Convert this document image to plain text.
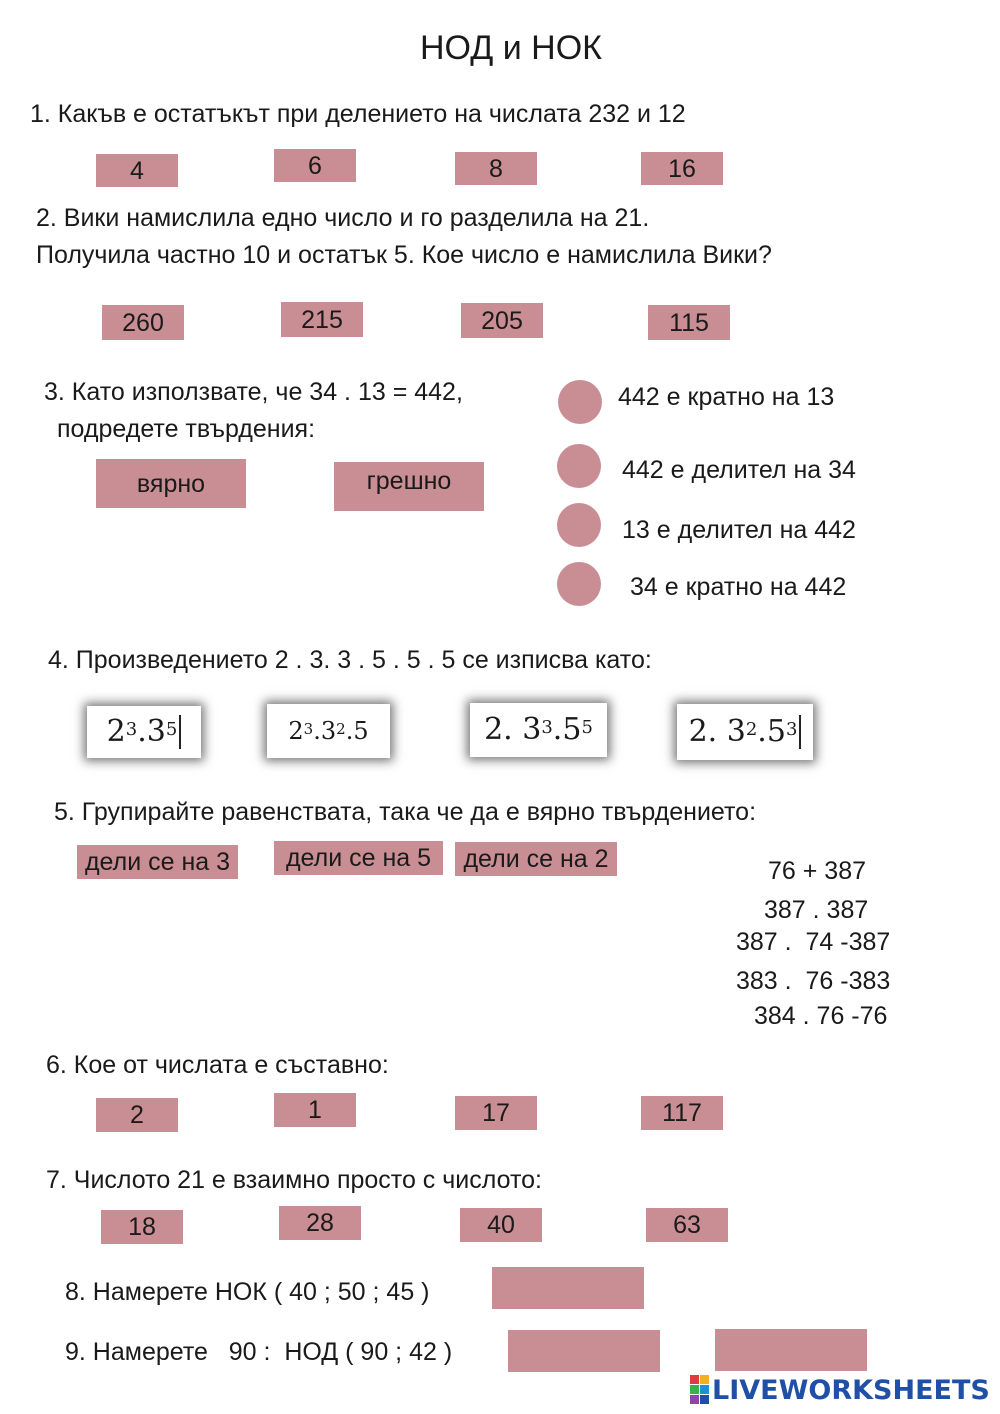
НОД и НОК
1. Какъв е остатъкът при делението на числата 232 и 12
4	6	8	16
2. Вики намислила едно число и го разделила на 21.
Получила частно 10 и остатък 5. Кое число е намислила Вики?
260	215	205	115
3. Като използвате, че 34 . 13 = 442,
подредете твърдения:
вярно	грешно
442 е кратно на 13
442 е делител на 34
13 е делител на 442
34 е кратно на 442
4. Произведението 2 . 3. 3 . 5 . 5 . 5 се изписва като:
$2^3$ . $3^5$	$2^3$ . $3^2$ .5	2. $3^3$ . $5^5$	2. $3^2$ . $5^3$
5. Групирайте равенствата, така че да е вярно твърдението:
дели се на 3	дели се на 5	дели се на 2	76 + 387
387 . 387
387 .  74 -387
383 .  76 -383
384 . 76 -76
6. Кое от числата е съставно:
2	1	17	117
7. Числото 21 е взаимно просто с числото:
18	28	40	63
8. Намерете НОК ( 40 ; 50 ; 45 )
9. Намерете   90 :  НОД ( 90 ; 42 )
LIVEWORKSHEETS
